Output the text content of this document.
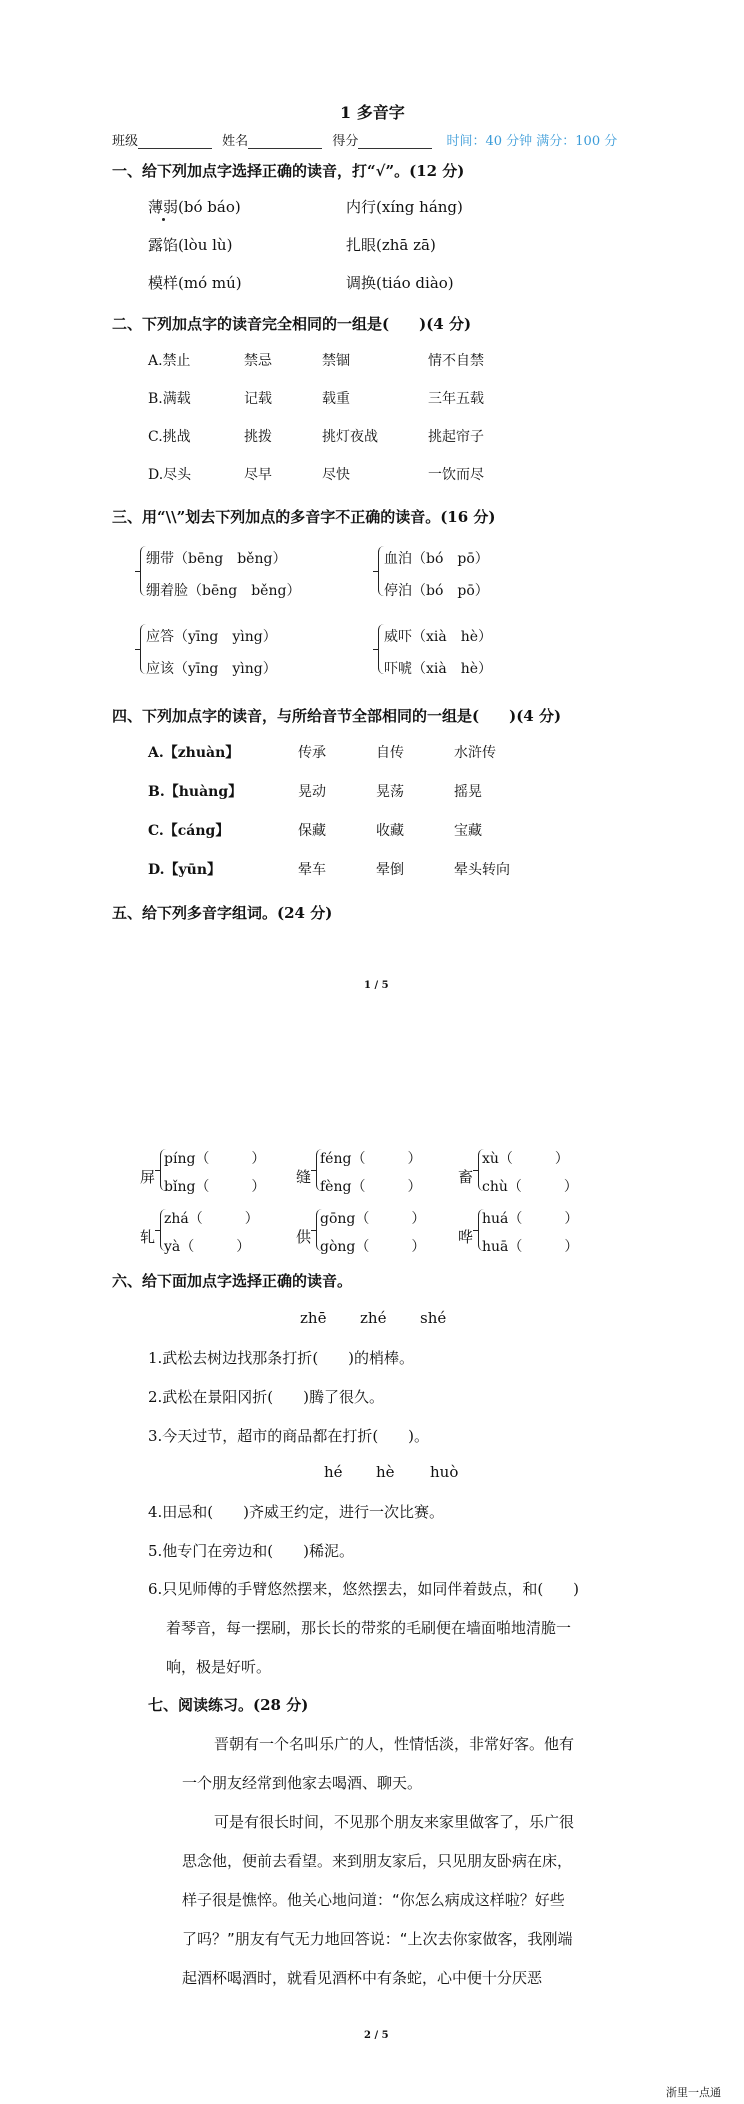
1 多音字
班级	姓名	得分	时间：40 分钟 满分：100 分
一、给下列加点字选择正确的读音，打“√”。(12 分)
薄弱(bó báo)	内行(xíng háng)
露馅(lòu lù)	扎眼(zhā zā)
模样(mó mú)	调换(tiáo diào)
二、下列加点字的读音完全相同的一组是(　　)(4 分)
A.禁止	禁忌	禁锢	情不自禁
B.满载	记载	载重	三年五载
C.挑战	挑拨	挑灯夜战	挑起帘子
D.尽头	尽早	尽快	一饮而尽
三、用“\\”划去下列加点的多音字不正确的读音。(16 分)
绷带（bēng　běng）
绷着脸（bēng　běng）
血泊（bó　pō）
停泊（bó　pō）
应答（yīng　yìng）
应该（yīng　yìng）
威吓（xià　hè）
吓唬（xià　hè）
四、下列加点字的读音，与所给音节全部相同的一组是(　　)(4 分)
A.【zhuàn】	传承	自传	水浒传
B.【huàng】	晃动	晃荡	摇晃
C.【cáng】	保藏	收藏	宝藏
D.【yūn】	晕车	晕倒	晕头转向
五、给下列多音字组词。(24 分)
1 / 5
屏
píng（　　　）
bǐng（　　　）
缝
féng（　　　）
fèng（　　　）
畜
xù（　　　）
chù（　　　）
轧
zhá（　　　）
yà（　　　）
供
gōng（　　　）
gòng（　　　）
哗
huá（　　　）
huā（　　　）
六、给下面加点字选择正确的读音。
zhē zhé shé
1.武松去树边找那条打折(　　)的梢棒。
2.武松在景阳冈折(　　)腾了很久。
3.今天过节，超市的商品都在打折(　　)。
hé hè huò
4.田忌和(　　)齐威王约定，进行一次比赛。
5.他专门在旁边和(　　)稀泥。
6.只见师傅的手臂悠然摆来，悠然摆去，如同伴着鼓点，和(　　)
着琴音，每一摆刷，那长长的带浆的毛刷便在墙面啪地清脆一
响，极是好听。
七、阅读练习。(28 分)
晋朝有一个名叫乐广的人，性情恬淡，非常好客。他有
一个朋友经常到他家去喝酒、聊天。
可是有很长时间，不见那个朋友来家里做客了，乐广很
思念他，便前去看望。来到朋友家后，只见朋友卧病在床，
样子很是憔悴。他关心地问道：“你怎么病成这样啦？好些
了吗？”朋友有气无力地回答说：“上次去你家做客，我刚端
起酒杯喝酒时，就看见酒杯中有条蛇，心中便十分厌恶
2 / 5
浙里一点通
